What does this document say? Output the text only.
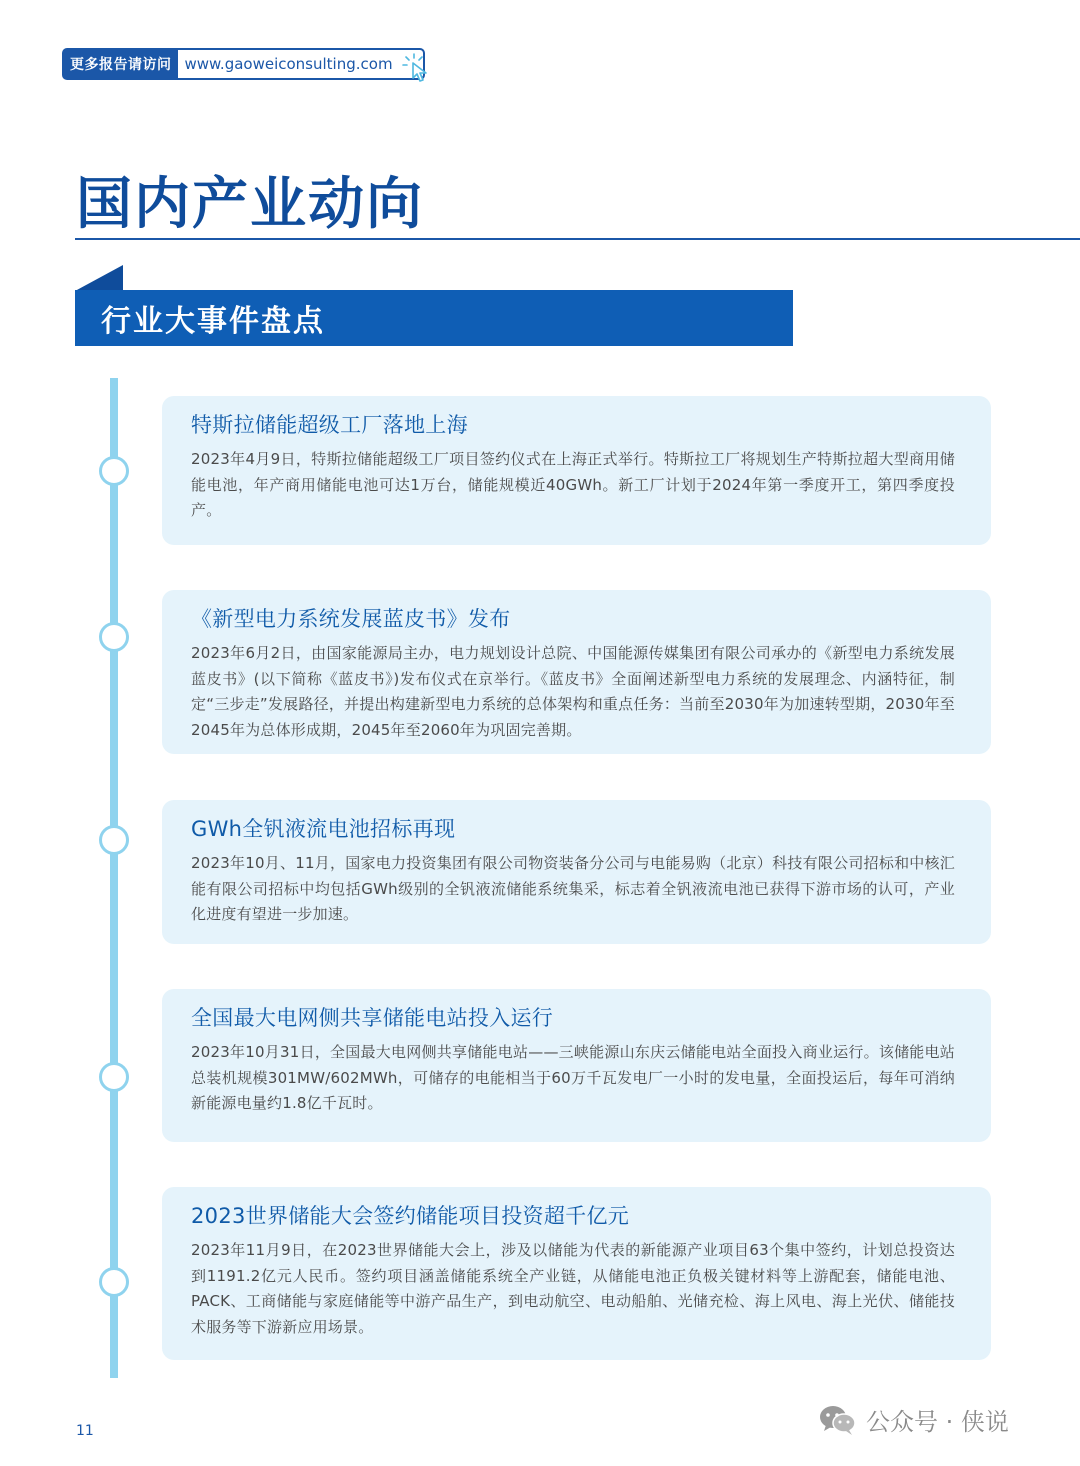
更多报告请访问 www.gaoweiconsulting.com
国内产业动向
行业大事件盘点
特斯拉储能超级工厂落地上海

2023年4月9日，特斯拉储能超级工厂项目签约仪式在上海正式举行。特斯拉工厂将规划生产特斯拉超大型商用储能电池，年产商用储能电池可达1万台，储能规模近40GWh。新工厂计划于2024年第一季度开工，第四季度投产。

《新型电力系统发展蓝皮书》发布

2023年6月2日，由国家能源局主办，电力规划设计总院、中国能源传媒集团有限公司承办的《新型电力系统发展蓝皮书》(以下简称《蓝皮书》)发布仪式在京举行。《蓝皮书》全面阐述新型电力系统的发展理念、内涵特征，制定“三步走”发展路径，并提出构建新型电力系统的总体架构和重点任务：当前至2030年为加速转型期，2030年至2045年为总体形成期，2045年至2060年为巩固完善期。

GWh全钒液流电池招标再现

2023年10月、11月，国家电力投资集团有限公司物资装备分公司与电能易购（北京）科技有限公司招标和中核汇能有限公司招标中均包括GWh级别的全钒液流储能系统集采，标志着全钒液流电池已获得下游市场的认可，产业化进度有望进一步加速。

全国最大电网侧共享储能电站投入运行

2023年10月31日，全国最大电网侧共享储能电站——三峡能源山东庆云储能电站全面投入商业运行。该储能电站总装机规模301MW/602MWh，可储存的电能相当于60万千瓦发电厂一小时的发电量，全面投运后，每年可消纳新能源电量约1.8亿千瓦时。

2023世界储能大会签约储能项目投资超千亿元

2023年11月9日，在2023世界储能大会上，涉及以储能为代表的新能源产业项目63个集中签约，计划总投资达到1191.2亿元人民币。签约项目涵盖储能系统全产业链，从储能电池正负极关键材料等上游配套，储能电池、PACK、工商储能与家庭储能等中游产品生产，到电动航空、电动船舶、光储充检、海上风电、海上光伏、储能技术服务等下游新应用场景。

11	公众号 · 侠说
